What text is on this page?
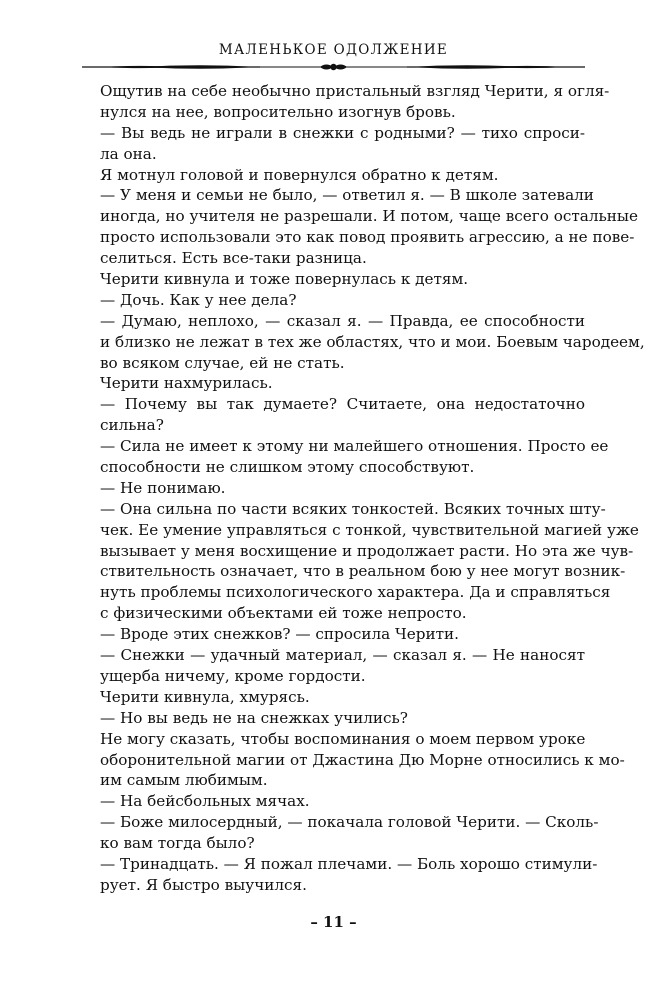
МАЛЕНЬКОЕ ОДОЛЖЕНИЕ
Ощутив на себе необычно пристальный взгляд Черити, я огля-
нулся на нее, вопросительно изогнув бровь.
— Вы ведь не играли в снежки с родными? — тихо спроси-
ла она.
Я мотнул головой и повернулся обратно к детям.
— У меня и семьи не было, — ответил я. — В школе затевали
иногда, но учителя не разрешали. И потом, чаще всего остальные
просто использовали это как повод проявить агрессию, а не пове-
селиться. Есть все-таки разница.
Черити кивнула и тоже повернулась к детям.
— Дочь. Как у нее дела?
— Думаю, неплохо, — сказал я. — Правда, ее способности
и близко не лежат в тех же областях, что и мои. Боевым чародеем,
во всяком случае, ей не стать.
Черити нахмурилась.
— Почему вы так думаете? Считаете, она недостаточно
сильна?
— Сила не имеет к этому ни малейшего отношения. Просто ее
способности не слишком этому способствуют.
— Не понимаю.
— Она сильна по части всяких тонкостей. Всяких точных шту-
чек. Ее умение управляться с тонкой, чувствительной магией уже
вызывает у меня восхищение и продолжает расти. Но эта же чув-
ствительность означает, что в реальном бою у нее могут возник-
нуть проблемы психологического характера. Да и справляться
с физическими объектами ей тоже непросто.
— Вроде этих снежков? — спросила Черити.
— Снежки — удачный материал, — сказал я. — Не наносят
ущерба ничему, кроме гордости.
Черити кивнула, хмурясь.
— Но вы ведь не на снежках учились?
Не могу сказать, чтобы воспоминания о моем первом уроке
оборонительной магии от Джастина Дю Морне относились к мо-
им самым любимым.
— На бейсбольных мячах.
— Боже милосердный, — покачала головой Черити. — Сколь-
ко вам тогда было?
— Тринадцать. — Я пожал плечами. — Боль хорошо стимули-
рует. Я быстро выучился.
– 11 –
